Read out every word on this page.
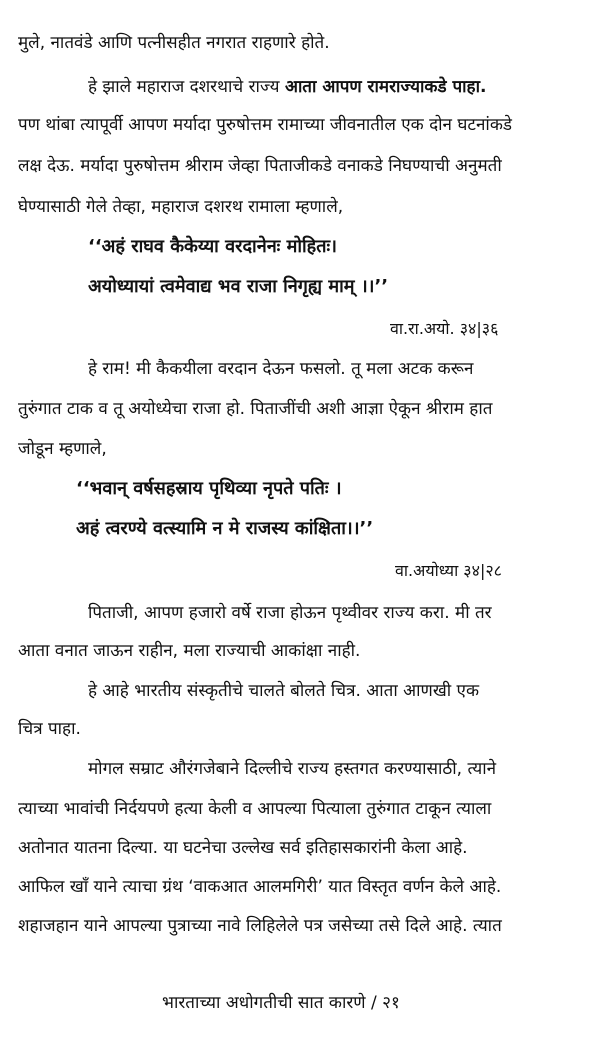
मुले, नातवंडे आणि पत्नीसहीत नगरात राहणारे होते.
हे झाले महाराज दशरथाचे राज्य आता आपण रामराज्याकडे पाहा.
पण थांबा त्यापूर्वी आपण मर्यादा पुरुषोत्तम रामाच्या जीवनातील एक दोन घटनांकडे
लक्ष देऊ. मर्यादा पुरुषोत्तम श्रीराम जेव्हा पिताजीकडे वनाकडे निघण्याची अनुमती
घेण्यासाठी गेले तेव्हा, महाराज दशरथ रामाला म्हणाले,
‘‘अहं राघव कैकेय्या वरदानेनः मोहितः।
अयोध्यायां त्वमेवाद्य भव राजा निगृह्य माम् ।।’’
वा.रा.अयो. ३४|३६
हे राम! मी कैकयीला वरदान देऊन फसलो. तू मला अटक करून
तुरुंगात टाक व तू अयोध्येचा राजा हो. पिताजींची अशी आज्ञा ऐकून श्रीराम हात
जोडून म्हणाले,
‘‘भवान् वर्षसहस्राय पृथिव्या नृपते पतिः ।
अहं त्वरण्ये वत्स्यामि न मे राजस्य कांक्षिता।।’’
वा.अयोध्या ३४|२८
पिताजी, आपण हजारो वर्षे राजा होऊन पृथ्वीवर राज्य करा. मी तर
आता वनात जाऊन राहीन, मला राज्याची आकांक्षा नाही.
हे आहे भारतीय संस्कृतीचे चालते बोलते चित्र. आता आणखी एक
चित्र पाहा.
मोगल सम्राट औरंगजेबाने दिल्लीचे राज्य हस्तगत करण्यासाठी, त्याने
त्याच्या भावांची निर्दयपणे हत्या केली व आपल्या पित्याला तुरुंगात टाकून त्याला
अतोनात यातना दिल्या. या घटनेचा उल्लेख सर्व इतिहासकारांनी केला आहे.
आफिल खाँ याने त्याचा ग्रंथ ‘वाकआत आलमगिरी’ यात विस्तृत वर्णन केले आहे.
शहाजहान याने आपल्या पुत्राच्या नावे लिहिलेले पत्र जसेच्या तसे दिले आहे. त्यात
भारताच्या अधोगतीची सात कारणे / २१
